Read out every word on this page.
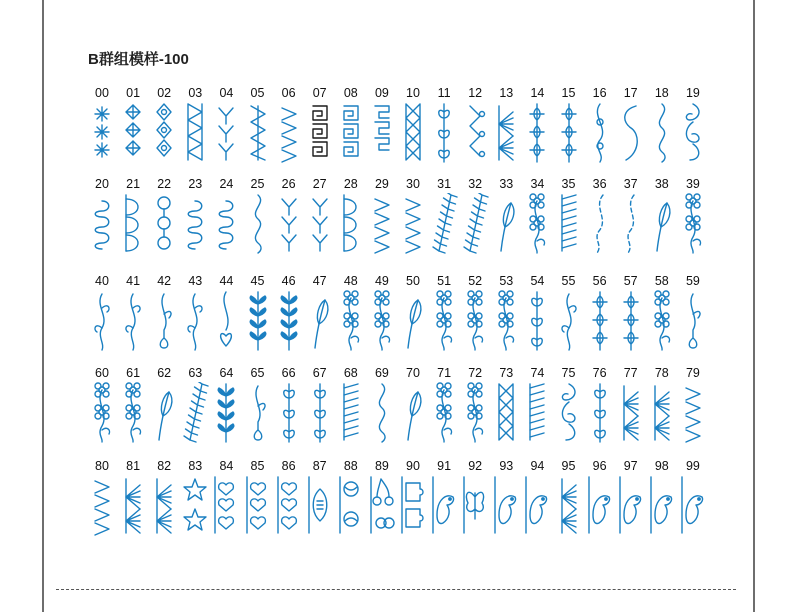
B群组模样-100
00	01	02	03	04	05	06	07	08	09	10	11	12	13	14	15	16	17	18	19
20	21	22	23	24	25	26	27	28	29	30	31	32	33	34	35	36	37	38	39
40	41	42	43	44	45	46	47	48	49	50	51	52	53	54	55	56	57	58	59
60	61	62	63	64	65	66	67	68	69	70	71	72	73	74	75	76	77	78	79
80	81	82	83	84	85	86	87	88	89	90	91	92	93	94	95	96	97	98	99
